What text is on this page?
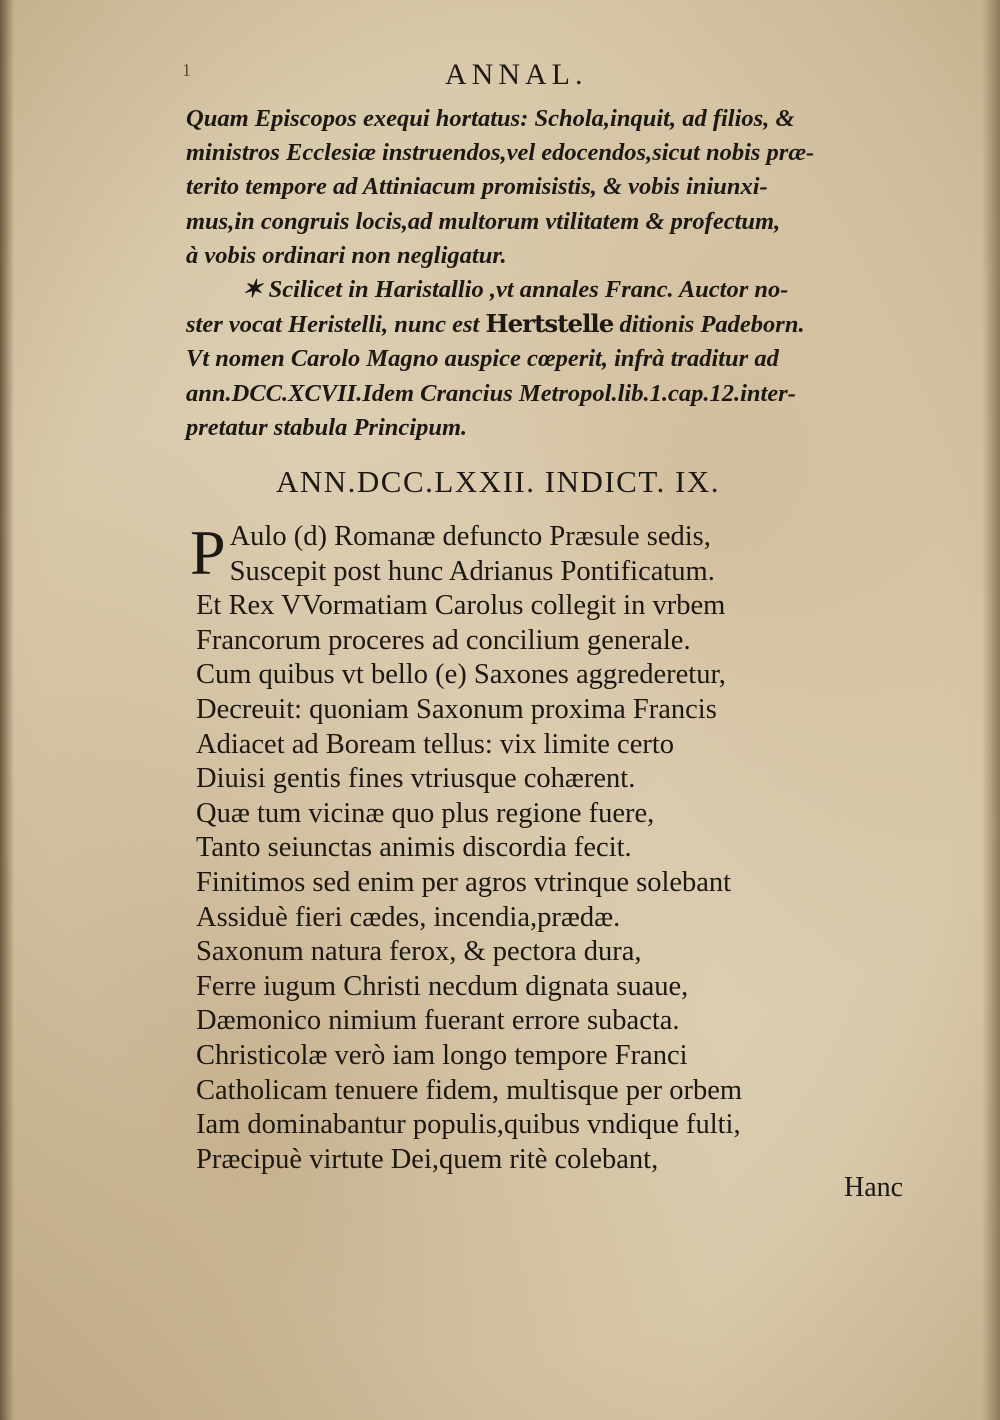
1	ANNAL.
Quam Episcopos exequi hortatus: Schola,inquit, ad filios, &
ministros Ecclesiæ instruendos,vel edocendos,sicut nobis præ-
terito tempore ad Attiniacum promisistis, & vobis iniunxi-
mus,in congruis locis,ad multorum vtilitatem & profectum,
à vobis ordinari non negligatur.
✶ Scilicet in Haristallio ,vt annales Franc. Auctor no-
ster vocat Heristelli, nunc est Hertstelle ditionis Padeborn.
Vt nomen Carolo Magno auspice cœperit, infrà traditur ad
ann.DCC.XCVII.Idem Crancius Metropol.lib.1.cap.12.inter-
pretatur stabula Principum.
ANN.DCC.LXXII. INDICT. IX.
P Aulo (d) Romanæ defuncto Præsule sedis,
Suscepit post hunc Adrianus Pontificatum.
Et Rex VVormatiam Carolus collegit in vrbem
Francorum proceres ad concilium generale.
Cum quibus vt bello (e) Saxones aggrederetur,
Decreuit: quoniam Saxonum proxima Francis
Adiacet ad Boream tellus: vix limite certo
Diuisi gentis fines vtriusque cohærent.
Quæ tum vicinæ quo plus regione fuere,
Tanto seiunctas animis discordia fecit.
Finitimos sed enim per agros vtrinque solebant
Assiduè fieri cædes, incendia,prædæ.
Saxonum natura ferox, & pectora dura,
Ferre iugum Christi necdum dignata suaue,
Dæmonico nimium fuerant errore subacta.
Christicolæ verò iam longo tempore Franci
Catholicam tenuere fidem, multisque per orbem
Iam dominabantur populis,quibus vndique fulti,
Præcipuè virtute Dei,quem ritè colebant,
Hanc
